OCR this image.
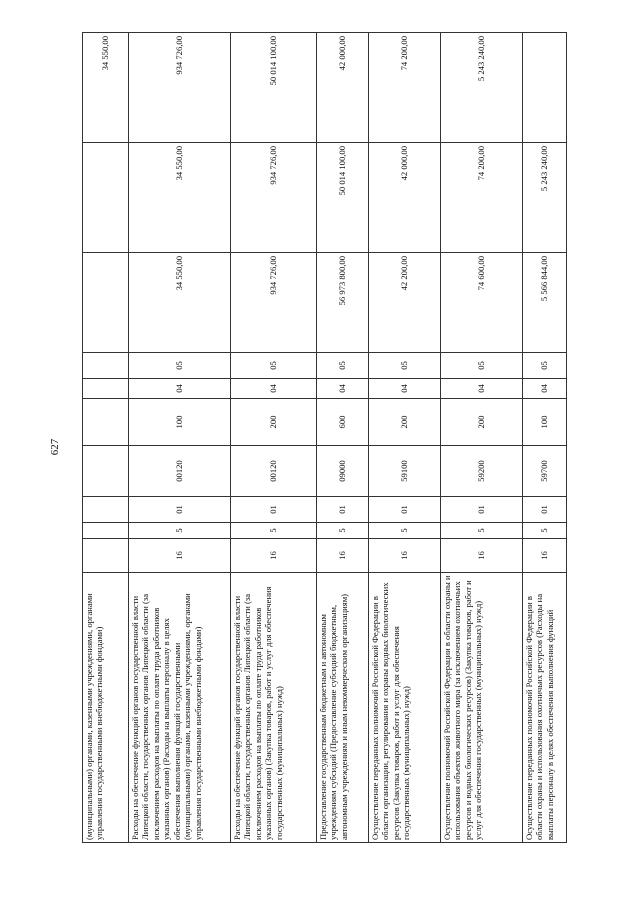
627
(муниципальными) органами, казенными учреждениями, органами управления государственными внебюджетными фондами)										34 550,00
Расходы на обеспечение функций органов государственной власти Липецкой области, государственных органов Липецкой области (за исключением расходов на выплаты по оплате труда работников указанных органов) (Расходы на выплаты персоналу в целях обеспечения выполнения функций государственными (муниципальными) органами, казенными учреждениями, органами управления государственными внебюджетными фондами)	16	5	01	00120	100	04	05	34 550,00	34 550,00	934 726,00
Расходы на обеспечение функций органов государственной власти Липецкой области, государственных органов Липецкой области (за исключением расходов на выплаты по оплате труда работников указанных органов) (Закупка товаров, работ и услуг для обеспечения государственных (муниципальных) нужд)	16	5	01	00120	200	04	05	934 726,00	934 726,00	50 014 100,00
Предоставление государственным бюджетным и автономным учреждениям субсидий (Предоставление субсидий бюджетным, автономным учреждениям и иным некоммерческим организациям)	16	5	01	09000	600	04	05	56 973 800,00	50 014 100,00	42 000,00
Осуществление переданных полномочий Российской Федерации в области организации, регулирования и охраны водных биологических ресурсов (Закупка товаров, работ и услуг для обеспечения государственных (муниципальных) нужд)	16	5	01	59100	200	04	05	42 200,00	42 000,00	74 200,00
Осуществление полномочий Российской Федерации в области охраны и использования объектов животного мира (за исключением охотничьих ресурсов и водных биологических ресурсов) (Закупка товаров, работ и услуг для обеспечения государственных (муниципальных) нужд)	16	5	01	59200	200	04	05	74 600,00	74 200,00	5 243 240,00
Осуществление переданных полномочий Российской Федерации в области охраны и использования охотничьих ресурсов (Расходы на выплаты персоналу в целях обеспечения выполнения функций	16	5	01	59700	100	04	05	5 566 844,00	5 243 240,00	
